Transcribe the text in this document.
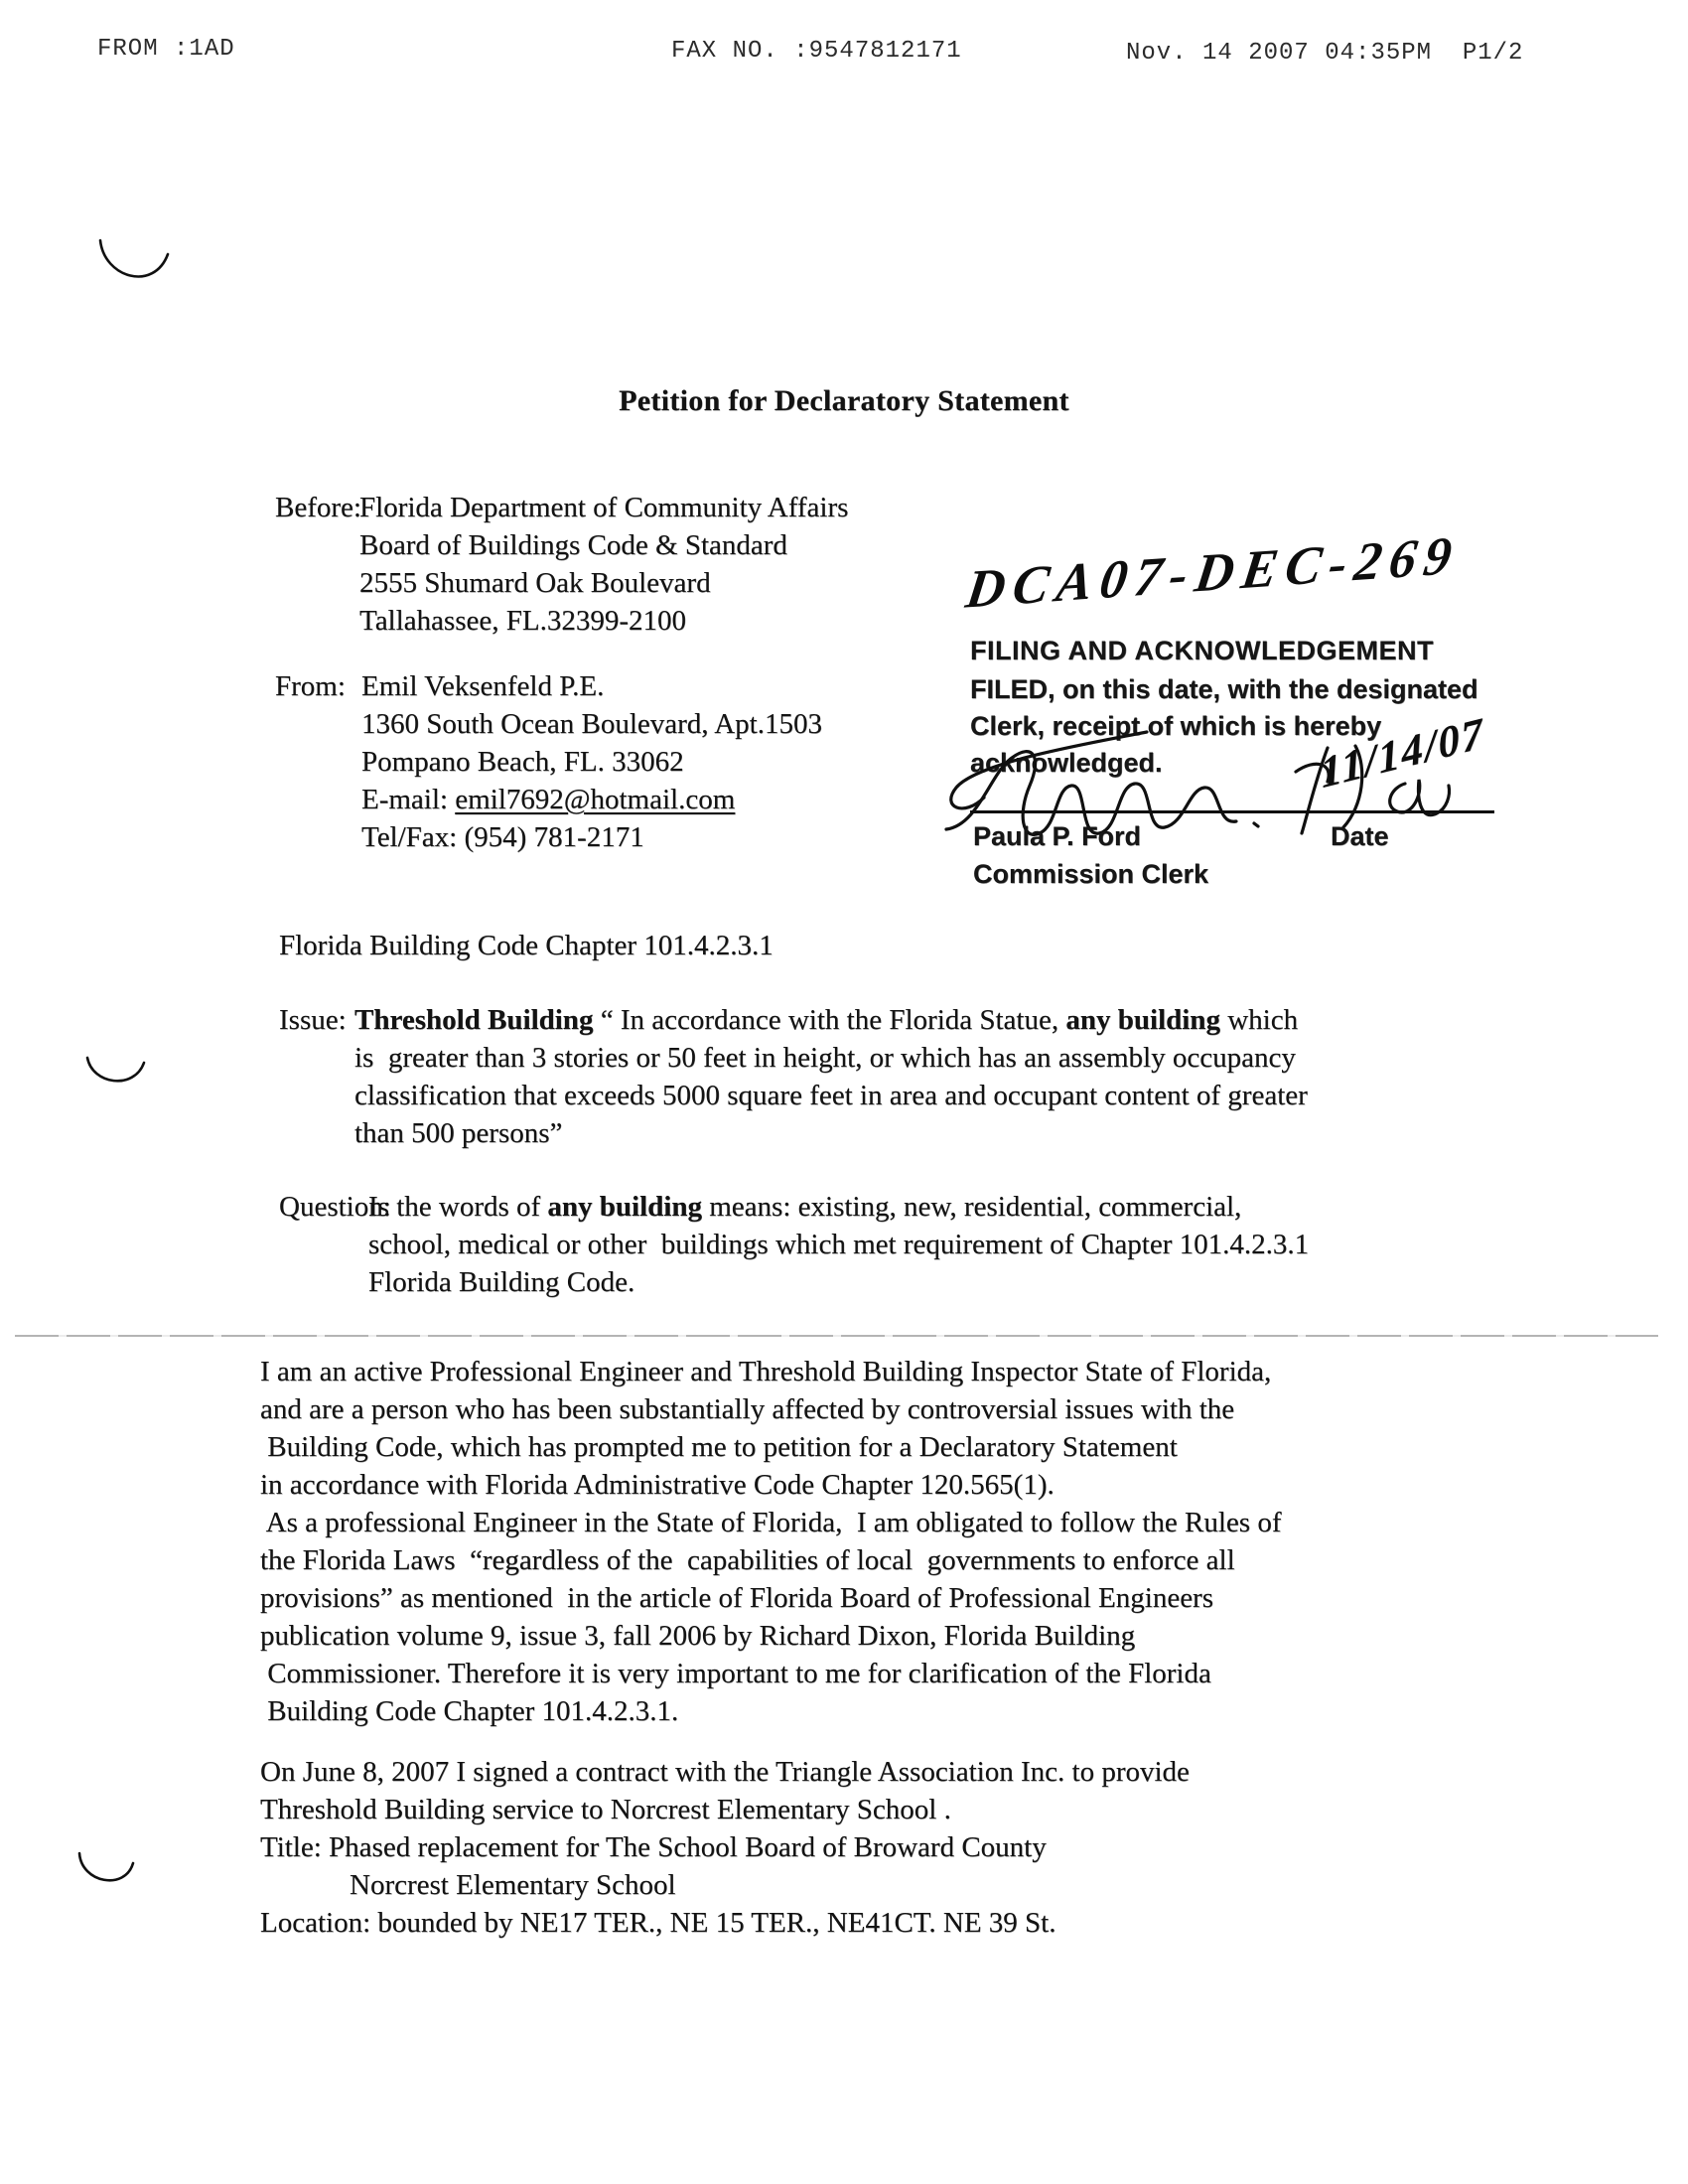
FROM :1AD	FAX NO. :9547812171	Nov. 14 2007 04:35PM  P1/2
Petition for Declaratory Statement
Before:
Florida Department of Community Affairs
Board of Buildings Code & Standard
2555 Shumard Oak Boulevard
Tallahassee, FL.32399-2100
From: Emil Veksenfeld P.E.
1360 South Ocean Boulevard, Apt.1503
Pompano Beach, FL. 33062
E-mail: emil7692@hotmail.com
Tel/Fax: (954) 781-2171
DCA07-DEC-269
FILING AND ACKNOWLEDGEMENT
FILED, on this date, with the designated
Clerk, receipt of which is hereby
acknowledged.	11/14/07
Paula P. Ford	Date
Commission Clerk
Florida Building Code Chapter 101.4.2.3.1
Issue: Threshold Building “ In accordance with the Florida Statue, any building which
is  greater than 3 stories or 50 feet in height, or which has an assembly occupancy
classification that exceeds 5000 square feet in area and occupant content of greater
than 500 persons”
Question:
Is the words of any building means: existing, new, residential, commercial,
school, medical or other  buildings which met requirement of Chapter 101.4.2.3.1
Florida Building Code.
I am an active Professional Engineer and Threshold Building Inspector State of Florida,
and are a person who has been substantially affected by controversial issues with the
Building Code, which has prompted me to petition for a Declaratory Statement
in accordance with Florida Administrative Code Chapter 120.565(1).
As a professional Engineer in the State of Florida,  I am obligated to follow the Rules of
the Florida Laws  “regardless of the  capabilities of local  governments to enforce all
provisions” as mentioned  in the article of Florida Board of Professional Engineers
publication volume 9, issue 3, fall 2006 by Richard Dixon, Florida Building
Commissioner. Therefore it is very important to me for clarification of the Florida
Building Code Chapter 101.4.2.3.1.
On June 8, 2007 I signed a contract with the Triangle Association Inc. to provide
Threshold Building service to Norcrest Elementary School .
Title: Phased replacement for The School Board of Broward County
Norcrest Elementary School
Location: bounded by NE17 TER., NE 15 TER., NE41CT. NE 39 St.
